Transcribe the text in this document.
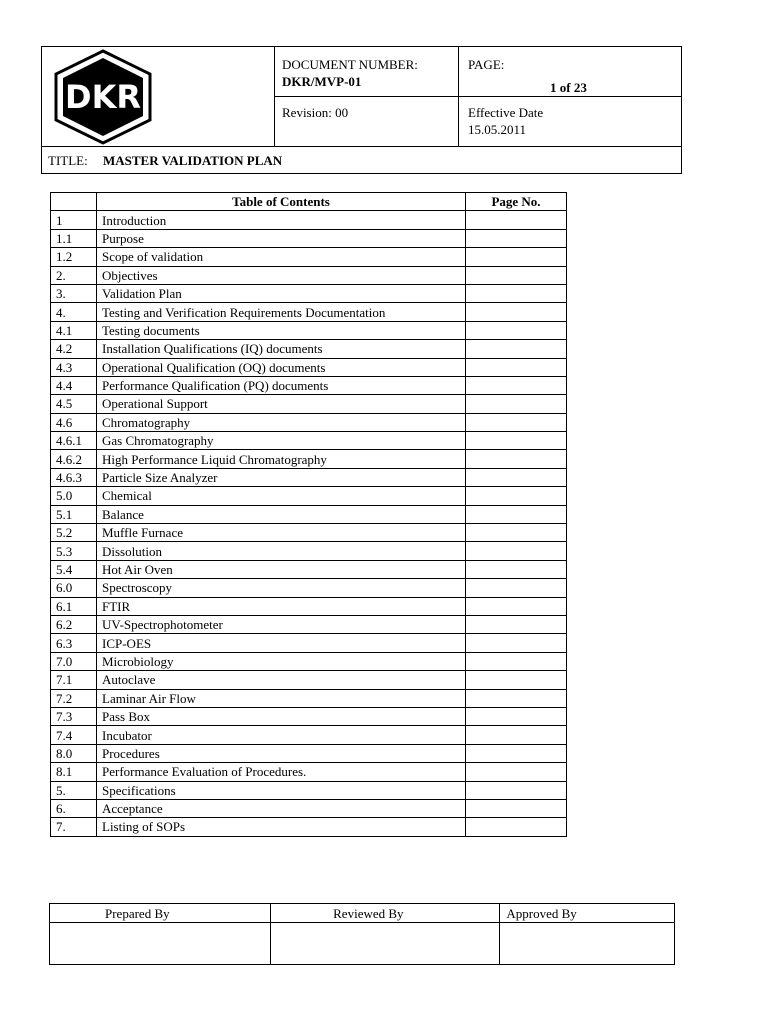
DKR
DOCUMENT NUMBER:
DKR/MVP-01
PAGE:
1 of 23
Revision: 00	Effective Date
15.05.2011
TITLE: MASTER VALIDATION PLAN
	Table of Contents	Page No.
1	Introduction	
1.1	Purpose	
1.2	Scope of validation	
2.	Objectives	
3.	Validation Plan	
4.	Testing and Verification Requirements Documentation	
4.1	Testing documents	
4.2	Installation Qualifications (IQ) documents	
4.3	Operational Qualification (OQ) documents	
4.4	Performance Qualification (PQ) documents	
4.5	Operational Support	
4.6	Chromatography	
4.6.1	Gas Chromatography	
4.6.2	High Performance Liquid Chromatography	
4.6.3	Particle Size Analyzer	
5.0	Chemical	
5.1	Balance	
5.2	Muffle Furnace	
5.3	Dissolution	
5.4	Hot Air Oven	
6.0	Spectroscopy	
6.1	FTIR	
6.2	UV-Spectrophotometer	
6.3	ICP-OES	
7.0	Microbiology	
7.1	Autoclave	
7.2	Laminar Air Flow	
7.3	Pass Box	
7.4	Incubator	
8.0	Procedures	
8.1	Performance Evaluation of Procedures.	
5.	Specifications	
6.	Acceptance	
7.	Listing of SOPs	
Prepared By	Reviewed By	Approved By
